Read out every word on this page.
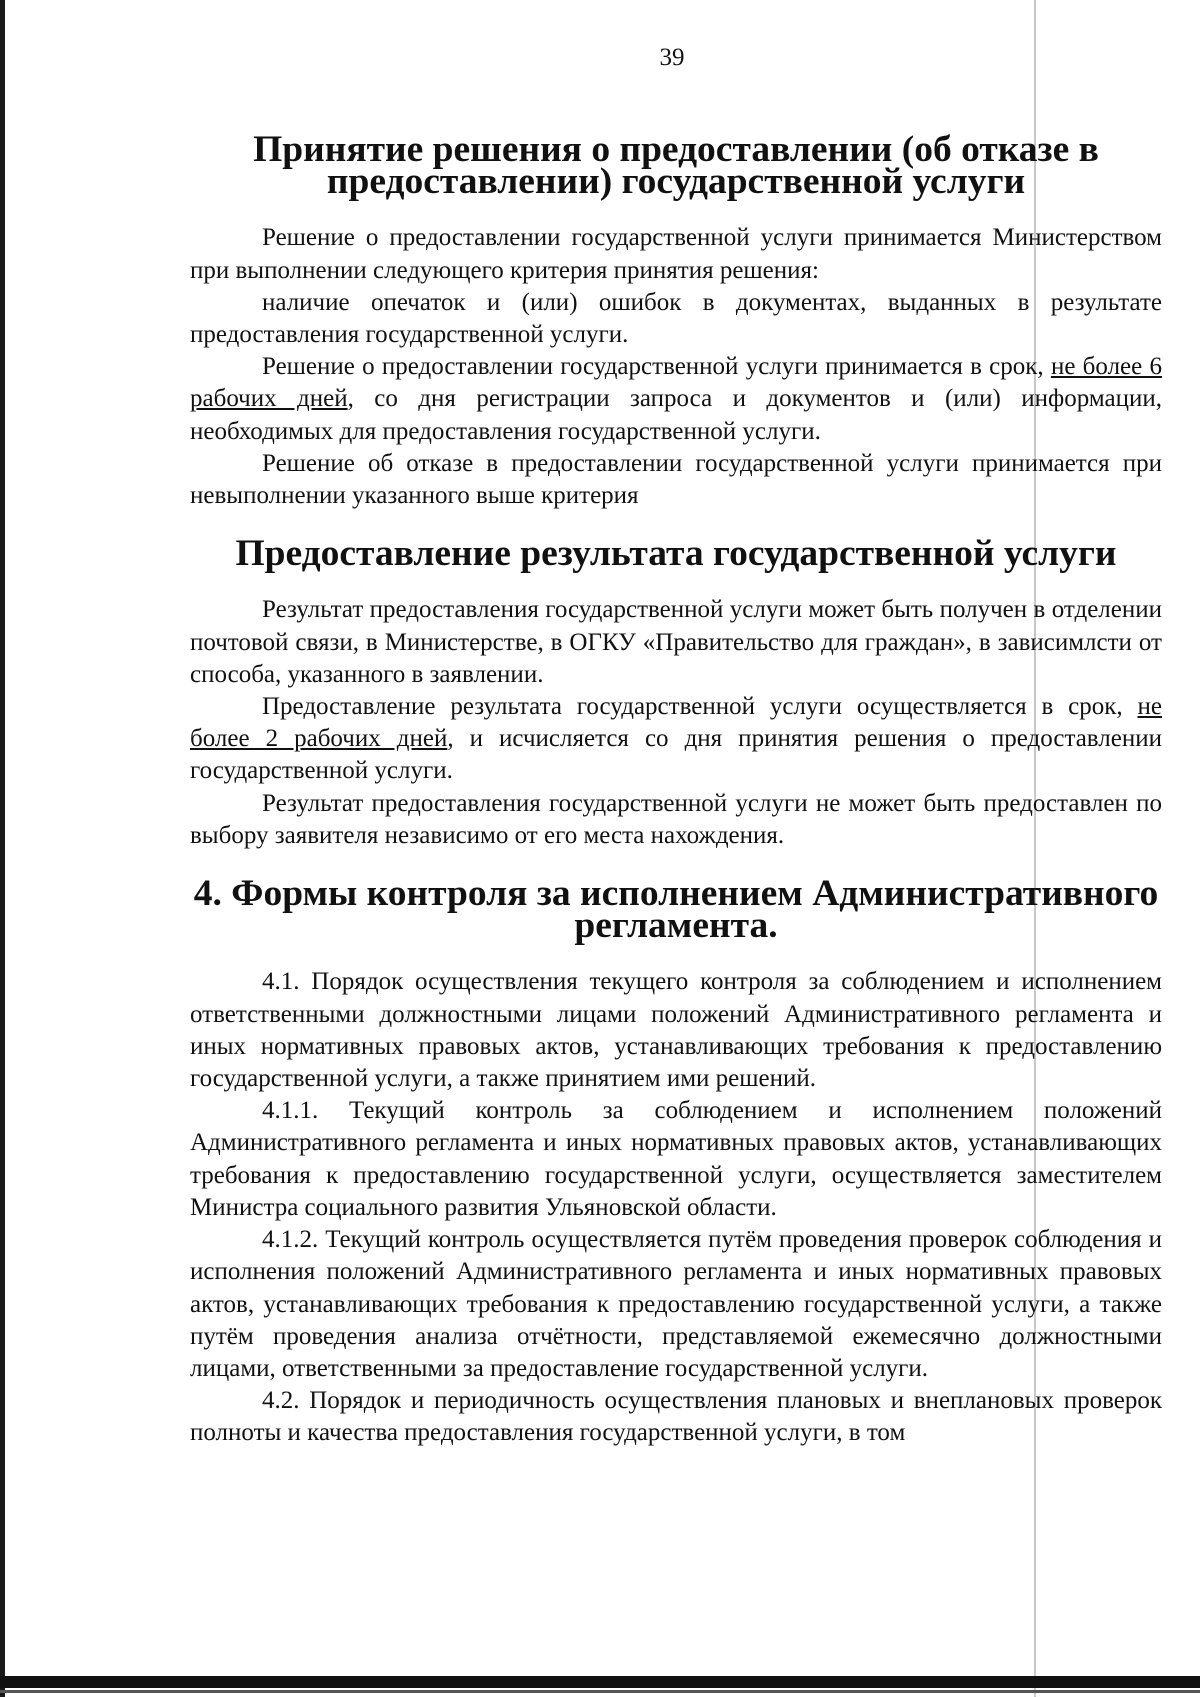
39
Принятие решения о предоставлении (об отказе в предоставлении) государственной услуги

Решение о предоставлении государственной услуги принимается Министерством при выполнении следующего критерия принятия решения:

наличие опечаток и (или) ошибок в документах, выданных в результате предоставления государственной услуги.

Решение о предоставлении государственной услуги принимается в срок, не более 6 рабочих дней, со дня регистрации запроса и документов и (или) информации, необходимых для предоставления государственной услуги.

Решение об отказе в предоставлении государственной услуги принимается при невыполнении указанного выше критерия

Предоставление результата государственной услуги

Результат предоставления государственной услуги может быть получен в отделении почтовой связи, в Министерстве, в ОГКУ «Правительство для граждан», в зависимлсти от способа, указанного в заявлении.

Предоставление результата государственной услуги осуществляется в срок, не более 2 рабочих дней, и исчисляется со дня принятия решения о предоставлении государственной услуги.

Результат предоставления государственной услуги не может быть предоставлен по выбору заявителя независимо от его места нахождения.

4. Формы контроля за исполнением Административного регламента.

4.1. Порядок осуществления текущего контроля за соблюдением и исполнением ответственными должностными лицами положений Административного регламента и иных нормативных правовых актов, устанавливающих требования к предоставлению государственной услуги, а также принятием ими решений.

4.1.1. Текущий контроль за соблюдением и исполнением положений Административного регламента и иных нормативных правовых актов, устанавливающих требования к предоставлению государственной услуги, осуществляется заместителем Министра социального развития Ульяновской области.

4.1.2. Текущий контроль осуществляется путём проведения проверок соблюдения и исполнения положений Административного регламента и иных нормативных правовых актов, устанавливающих требования к предоставлению государственной услуги, а также путём проведения анализа отчётности, представляемой ежемесячно должностными лицами, ответственными за предоставление государственной услуги.

4.2. Порядок и периодичность осуществления плановых и внеплановых проверок полноты и качества предоставления государственной услуги, в том
